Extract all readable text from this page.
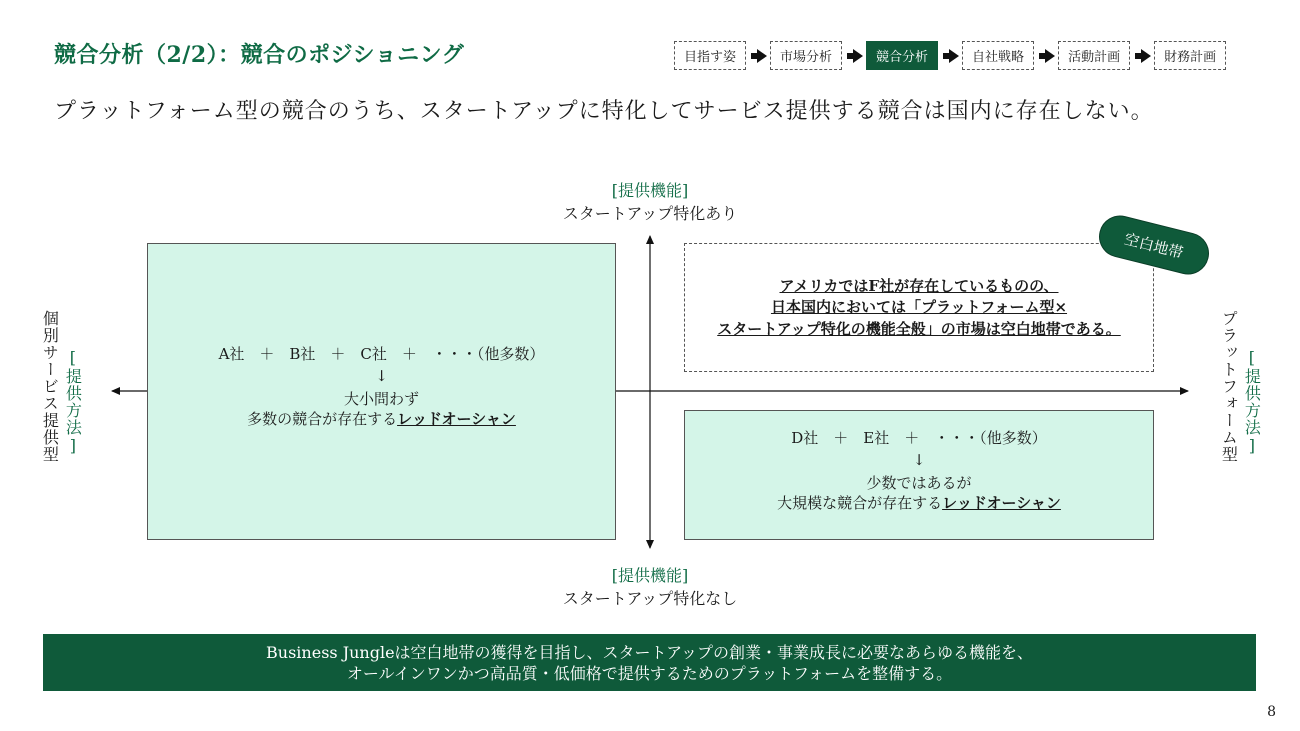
競合分析（2/2）：競合のポジショニング	目指す姿	市場分析	競合分析	自社戦略	活動計画	財務計画
プラットフォーム型の競合のうち、スタートアップに特化してサービス提供する競合は国内に存在しない。
[提供機能]
スタートアップ特化あり
[提供機能]
スタートアップ特化なし
個別サービス提供型 [提供方法]	プラットフォーム型 [提供方法]
A社　＋　B社　＋　C社　＋　・・・（他多数）
↓
大小問わず
多数の競合が存在するレッドオーシャン
アメリカではF社が存在しているものの、
日本国内においては「プラットフォーム型×
スタートアップ特化の機能全般」の市場は空白地帯である。
空白地帯
D社　＋　E社　＋　・・・（他多数）
↓
少数ではあるが
大規模な競合が存在するレッドオーシャン
Business Jungleは空白地帯の獲得を目指し、スタートアップの創業・事業成長に必要なあらゆる機能を、
オールインワンかつ高品質・低価格で提供するためのプラットフォームを整備する。
8
